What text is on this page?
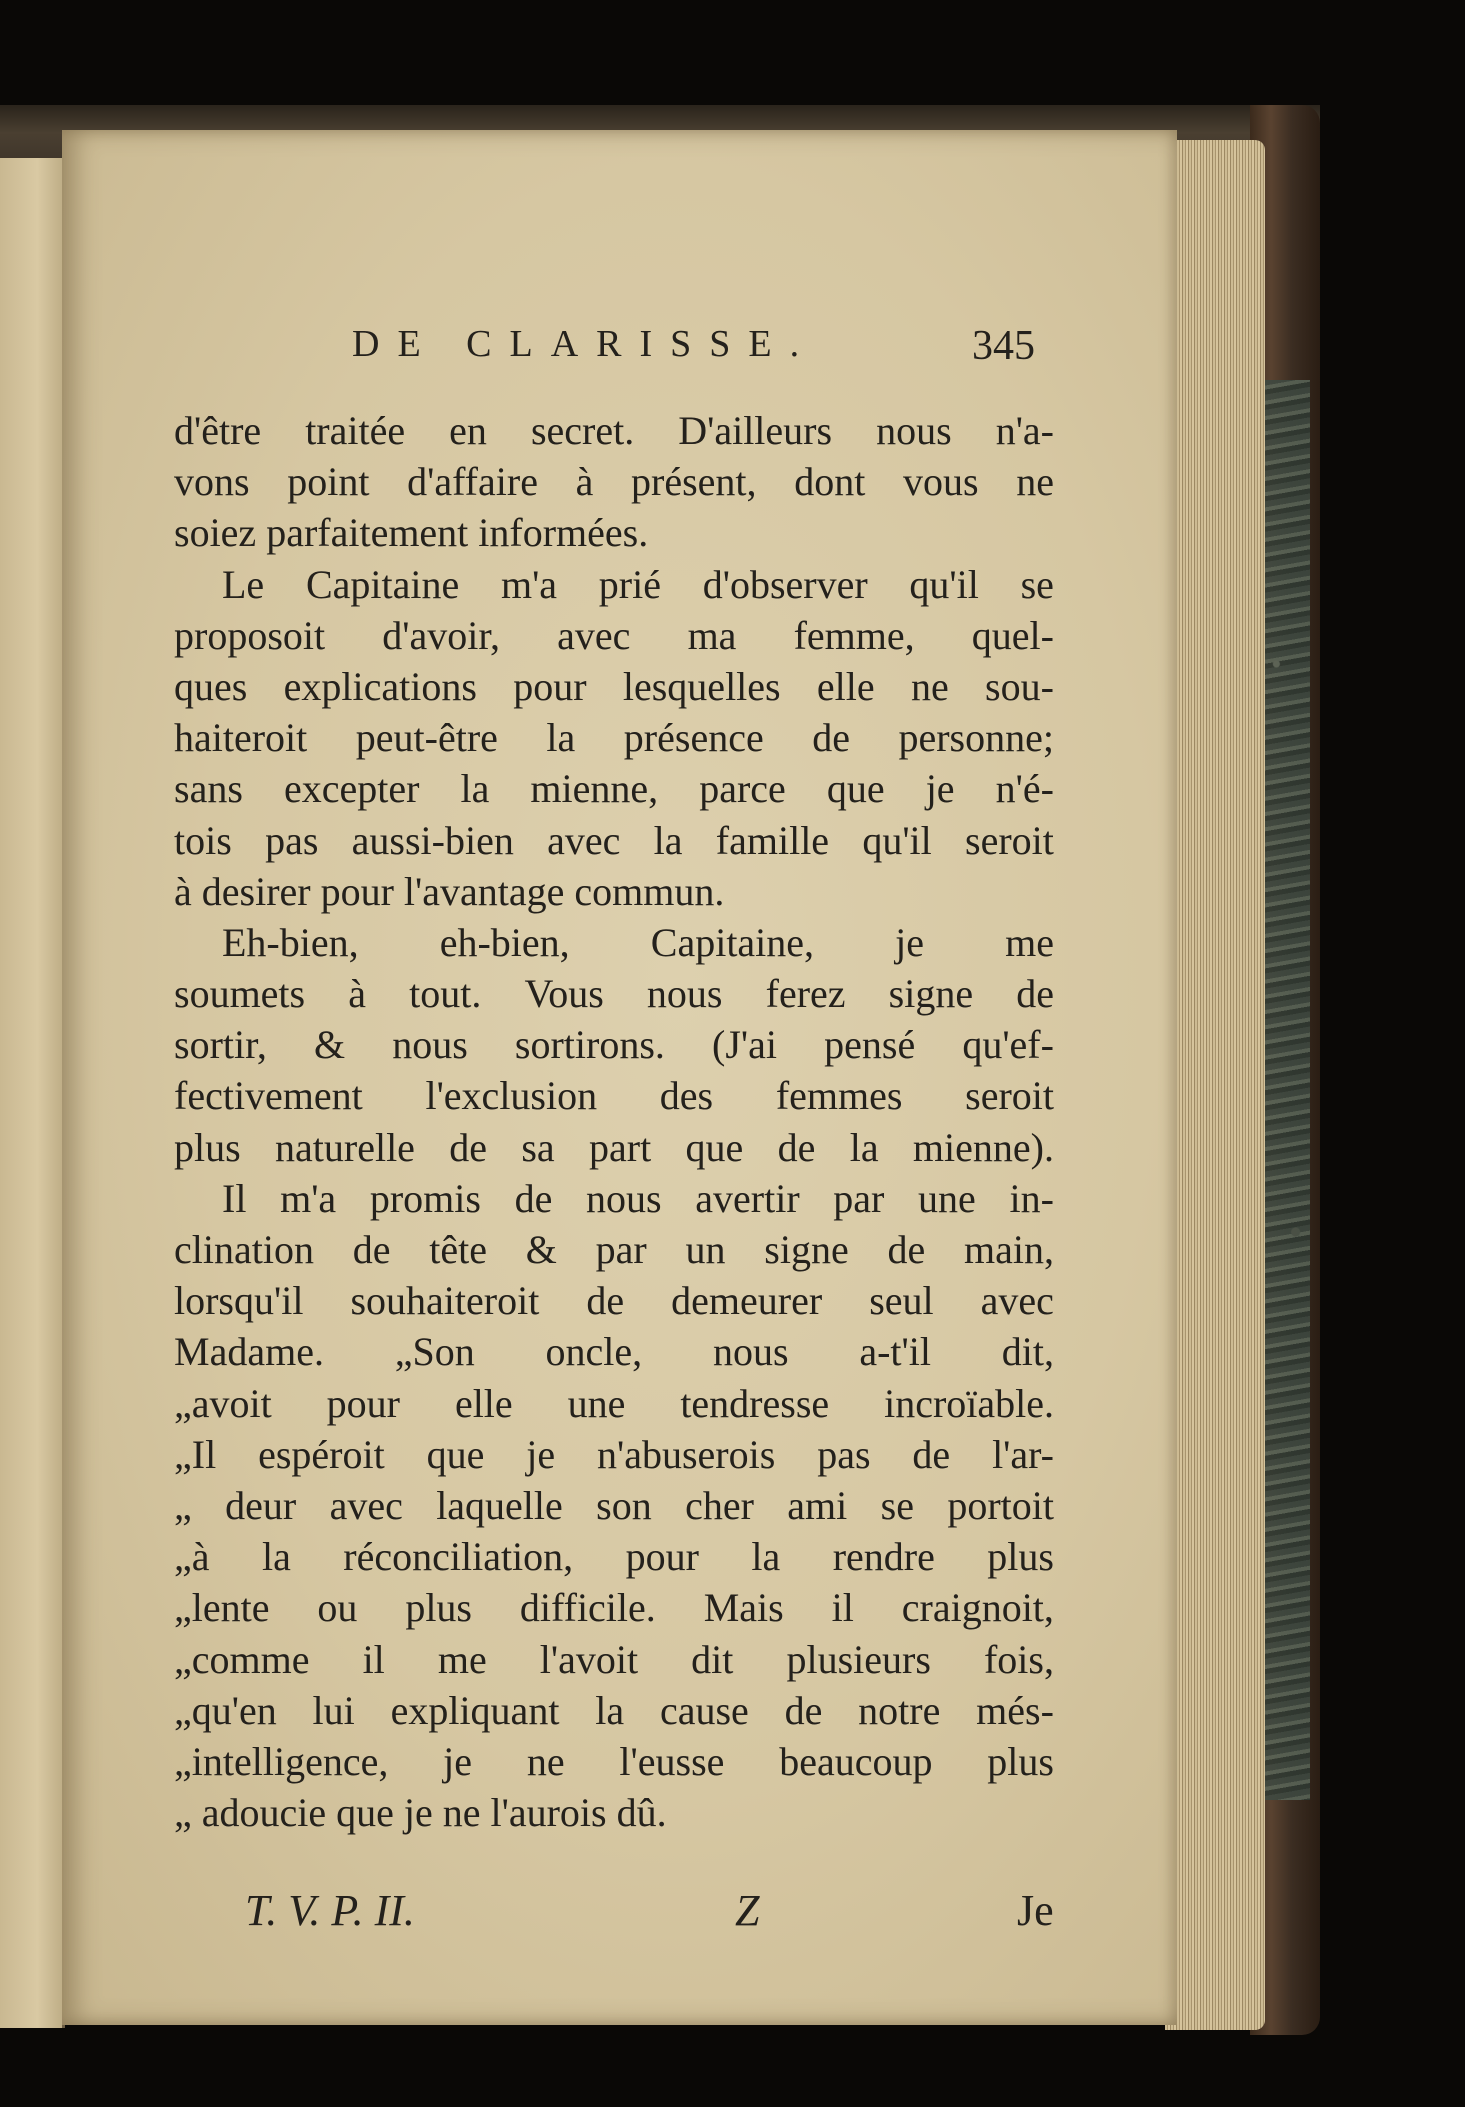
DE CLARISSE.	345
d'être traitée en secret. D'ailleurs nous n'a-
vons point d'affaire à présent, dont vous ne
soiez parfaitement informées.
Le Capitaine m'a prié d'observer qu'il se
proposoit d'avoir, avec ma femme, quel-
ques explications pour lesquelles elle ne sou-
haiteroit peut-être la présence de personne;
sans excepter la mienne, parce que je n'é-
tois pas aussi-bien avec la famille qu'il seroit
à desirer pour l'avantage commun.
Eh-bien, eh-bien, Capitaine, je me
soumets à tout. Vous nous ferez signe de
sortir, & nous sortirons. (J'ai pensé qu'ef-
fectivement l'exclusion des femmes seroit
plus naturelle de sa part que de la mienne).
Il m'a promis de nous avertir par une in-
clination de tête & par un signe de main,
lorsqu'il souhaiteroit de demeurer seul avec
Madame. „Son oncle, nous a-t'il dit,
„avoit pour elle une tendresse incroïable.
„Il espéroit que je n'abuserois pas de l'ar-
„ deur avec laquelle son cher ami se portoit
„à la réconciliation, pour la rendre plus
„lente ou plus difficile. Mais il craignoit,
„comme il me l'avoit dit plusieurs fois,
„qu'en lui expliquant la cause de notre més-
„intelligence, je ne l'eusse beaucoup plus
„ adoucie que je ne l'aurois dû.
T. V. P. II.	Z	Je
